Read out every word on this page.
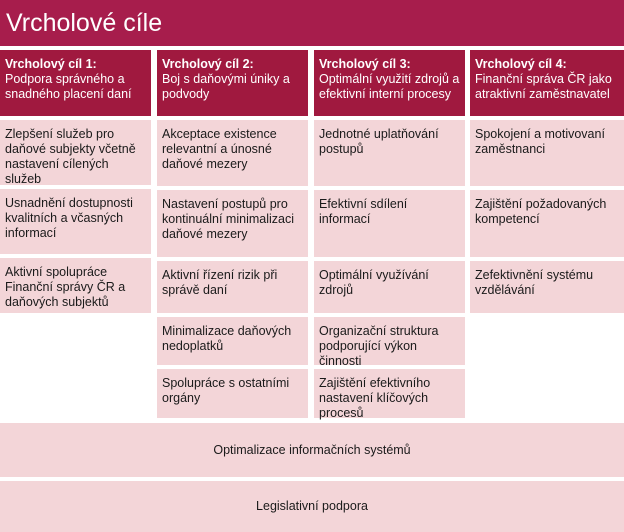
Vrcholové cíle
Vrcholový cíl 1:
Podpora správného a snadného placení daní
Zlepšení služeb pro daňové subjekty včetně nastavení cílených služeb
Usnadnění dostupnosti kvalitních a včasných informací
Aktivní spolupráce Finanční správy ČR a daňových subjektů
Vrcholový cíl 2:
Boj s daňovými úniky a podvody
Akceptace existence relevantní a únosné daňové mezery
Nastavení postupů pro kontinuální minimalizaci daňové mezery
Aktivní řízení rizik při správě daní
Minimalizace daňových nedoplatků
Spolupráce s ostatními orgány
Vrcholový cíl 3:
Optimální využití zdrojů a efektivní interní procesy
Jednotné uplatňování postupů
Efektivní sdílení informací
Optimální využívání zdrojů
Organizační struktura podporující výkon činnosti
Zajištění efektivního nastavení klíčových procesů
Vrcholový cíl 4:
Finanční správa ČR jako atraktivní zaměstnavatel
Spokojení a motivovaní zaměstnanci
Zajištění požadovaných kompetencí
Zefektivnění systému vzdělávání
Optimalizace informačních systémů
Legislativní podpora
